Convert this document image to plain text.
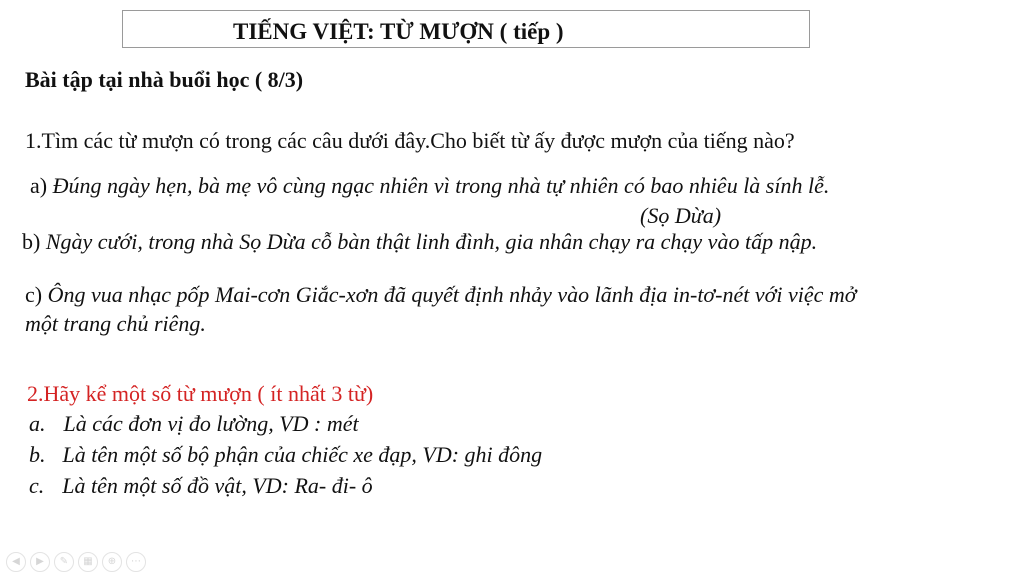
TIẾNG VIỆT: TỪ MƯỢN ( tiếp )
Bài tập tại nhà buổi học ( 8/3)
1.Tìm các từ mượn có trong các câu dưới đây.Cho biết từ ấy được mượn của tiếng nào?
a) Đúng ngày hẹn, bà mẹ vô cùng ngạc nhiên vì trong nhà tự nhiên có bao nhiêu là sính lễ.
(Sọ Dừa)
b) Ngày cưới, trong nhà Sọ Dừa cỗ bàn thật linh đình, gia nhân chạy ra chạy vào tấp nập.
c) Ông vua nhạc pốp Mai-cơn Giắc-xơn đã quyết định nhảy vào lãnh địa in-tơ-nét với việc mở
một trang chủ riêng.
2.Hãy kể một số từ mượn ( ít nhất 3 từ)
a. Là các đơn vị đo lường, VD : mét
b. Là tên một số bộ phận của chiếc xe đạp, VD: ghi đông
c. Là tên một số đồ vật, VD: Ra- đi- ô
◀	▶	✎	▦	⊕	⋯
